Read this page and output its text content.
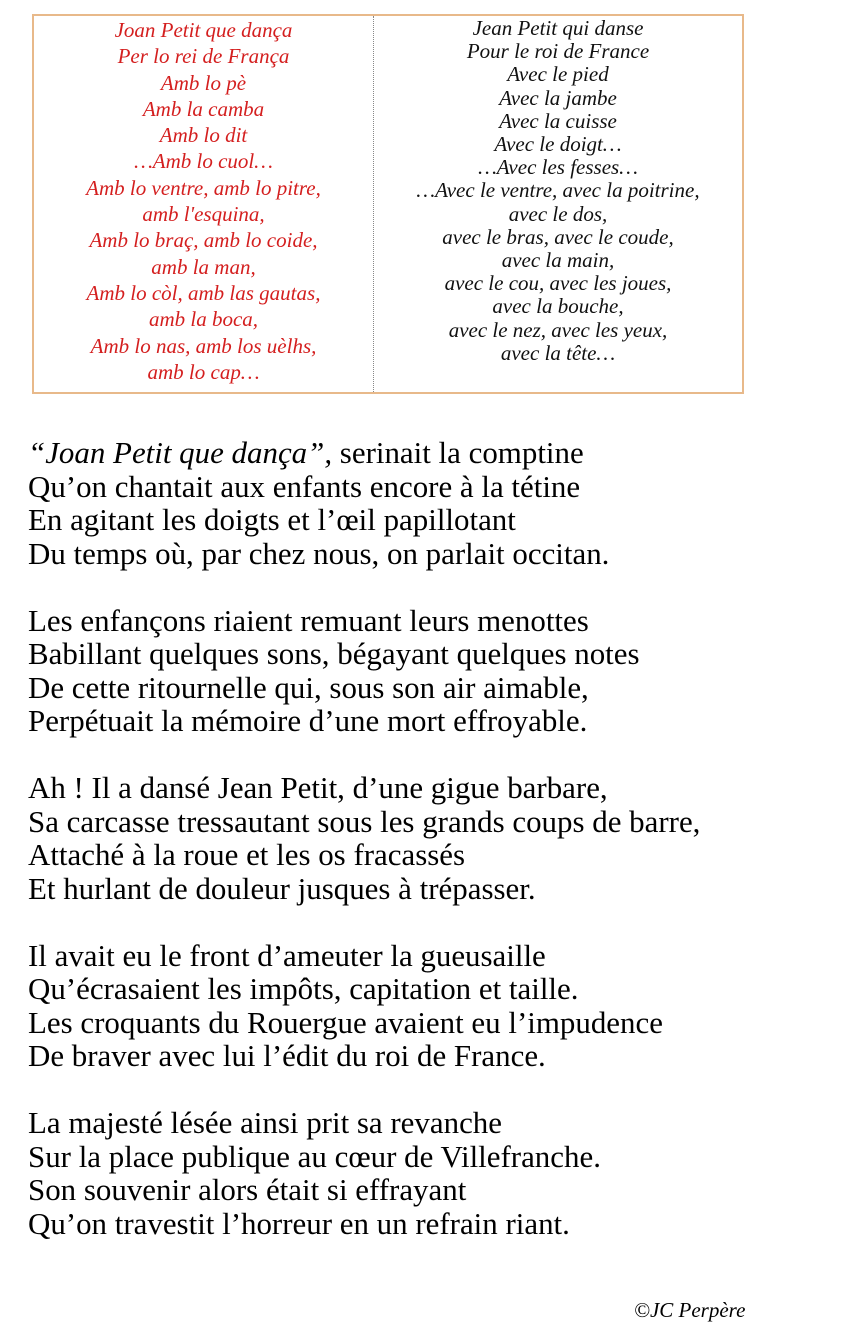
Joan Petit que dança
Per lo rei de França
Amb lo pè
Amb la camba
Amb lo dit
…Amb lo cuol…
Amb lo ventre, amb lo pitre,
amb l'esquina,
Amb lo braç, amb lo coide,
amb la man,
Amb lo còl, amb las gautas,
amb la boca,
Amb lo nas, amb los uèlhs,
amb lo cap…
Jean Petit qui danse
Pour le roi de France
Avec le pied
Avec la jambe
Avec la cuisse
Avec le doigt…
…Avec les fesses…
…Avec le ventre, avec la poitrine,
avec le dos,
avec le bras, avec le coude,
avec la main,
avec le cou, avec les joues,
avec la bouche,
avec le nez, avec les yeux,
avec la tête…
“Joan Petit que dança”, serinait la comptine
Qu’on chantait aux enfants encore à la tétine
En agitant les doigts et l’œil papillotant
Du temps où, par chez nous, on parlait occitan.
Les enfançons riaient remuant leurs menottes
Babillant quelques sons, bégayant quelques notes
De cette ritournelle qui, sous son air aimable,
Perpétuait la mémoire d’une mort effroyable.
Ah ! Il a dansé Jean Petit, d’une gigue barbare,
Sa carcasse tressautant sous les grands coups de barre,
Attaché à la roue et les os fracassés
Et hurlant de douleur jusques à trépasser.
Il avait eu le front d’ameuter la gueusaille
Qu’écrasaient les impôts, capitation et taille.
Les croquants du Rouergue avaient eu l’impudence
De braver avec lui l’édit du roi de France.
La majesté lésée ainsi prit sa revanche
Sur la place publique au cœur de Villefranche.
Son souvenir alors était si effrayant
Qu’on travestit l’horreur en un refrain riant.
©JC Perpère
